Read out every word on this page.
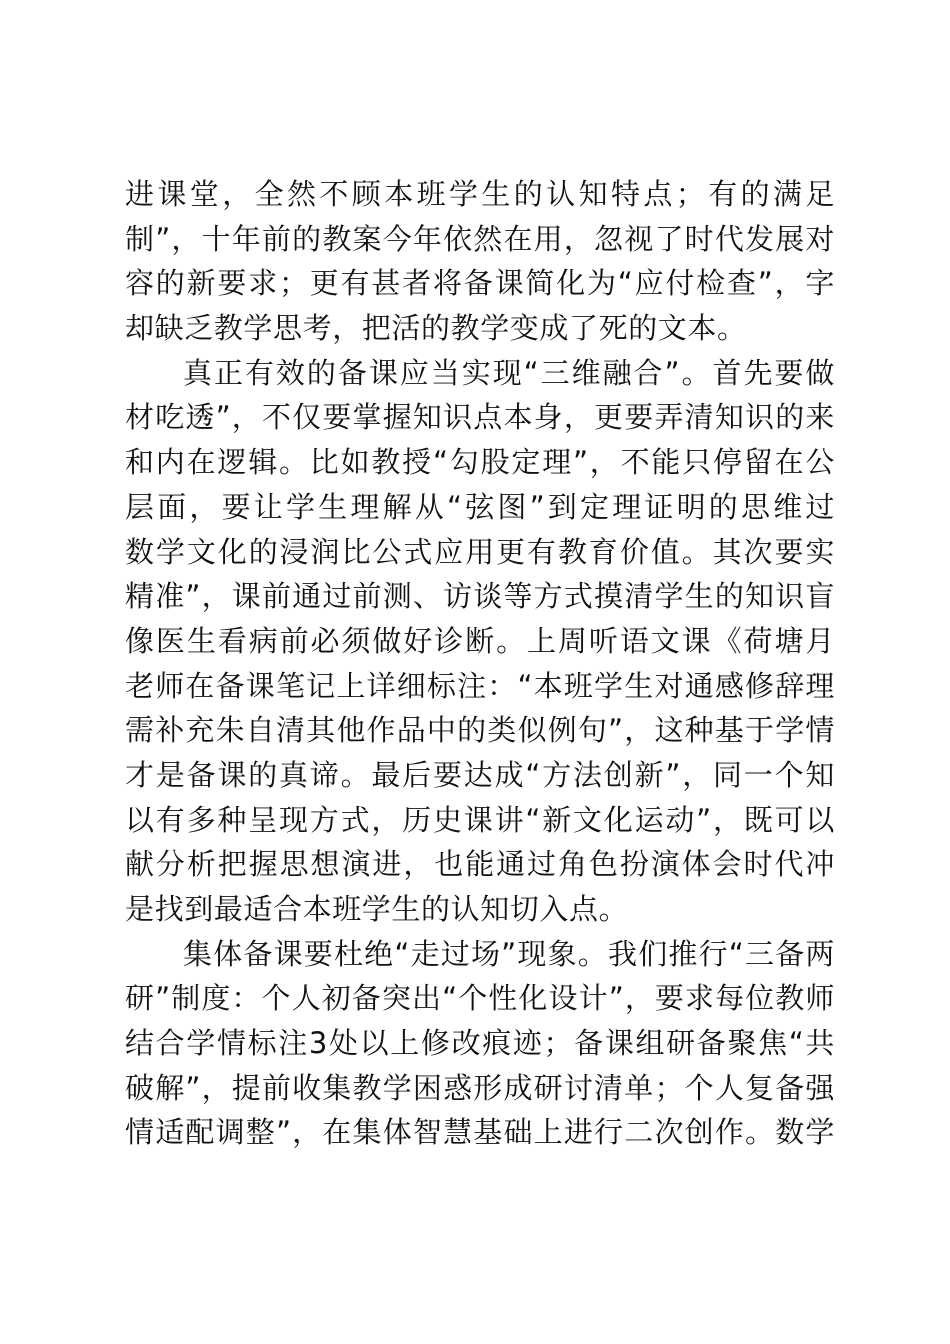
进课堂，全然不顾本班学生的认知特点；有的满足
制”，十年前的教案今年依然在用，忽视了时代发展对
容的新要求；更有甚者将备课简化为“应付检查”，字
却缺乏教学思考，把活的教学变成了死的文本。
真正有效的备课应当实现“三维融合”。首先要做
材吃透”，不仅要掌握知识点本身，更要弄清知识的来
和内在逻辑。比如教授“勾股定理”，不能只停留在公
层面，要让学生理解从“弦图”到定理证明的思维过
数学文化的浸润比公式应用更有教育价值。其次要实
精准”，课前通过前测、访谈等方式摸清学生的知识盲
像医生看病前必须做好诊断。上周听语文课《荷塘月
老师在备课笔记上详细标注：“本班学生对通感修辞理
需补充朱自清其他作品中的类似例句”，这种基于学情
才是备课的真谛。最后要达成“方法创新”，同一个知
以有多种呈现方式，历史课讲“新文化运动”，既可以
献分析把握思想演进，也能通过角色扮演体会时代冲
是找到最适合本班学生的认知切入点。
集体备课要杜绝“走过场”现象。我们推行“三备两
研”制度：个人初备突出“个性化设计”，要求每位教师
结合学情标注3处以上修改痕迹；备课组研备聚焦“共
破解”，提前收集教学困惑形成研讨清单；个人复备强
情适配调整”，在集体智慧基础上进行二次创作。数学
